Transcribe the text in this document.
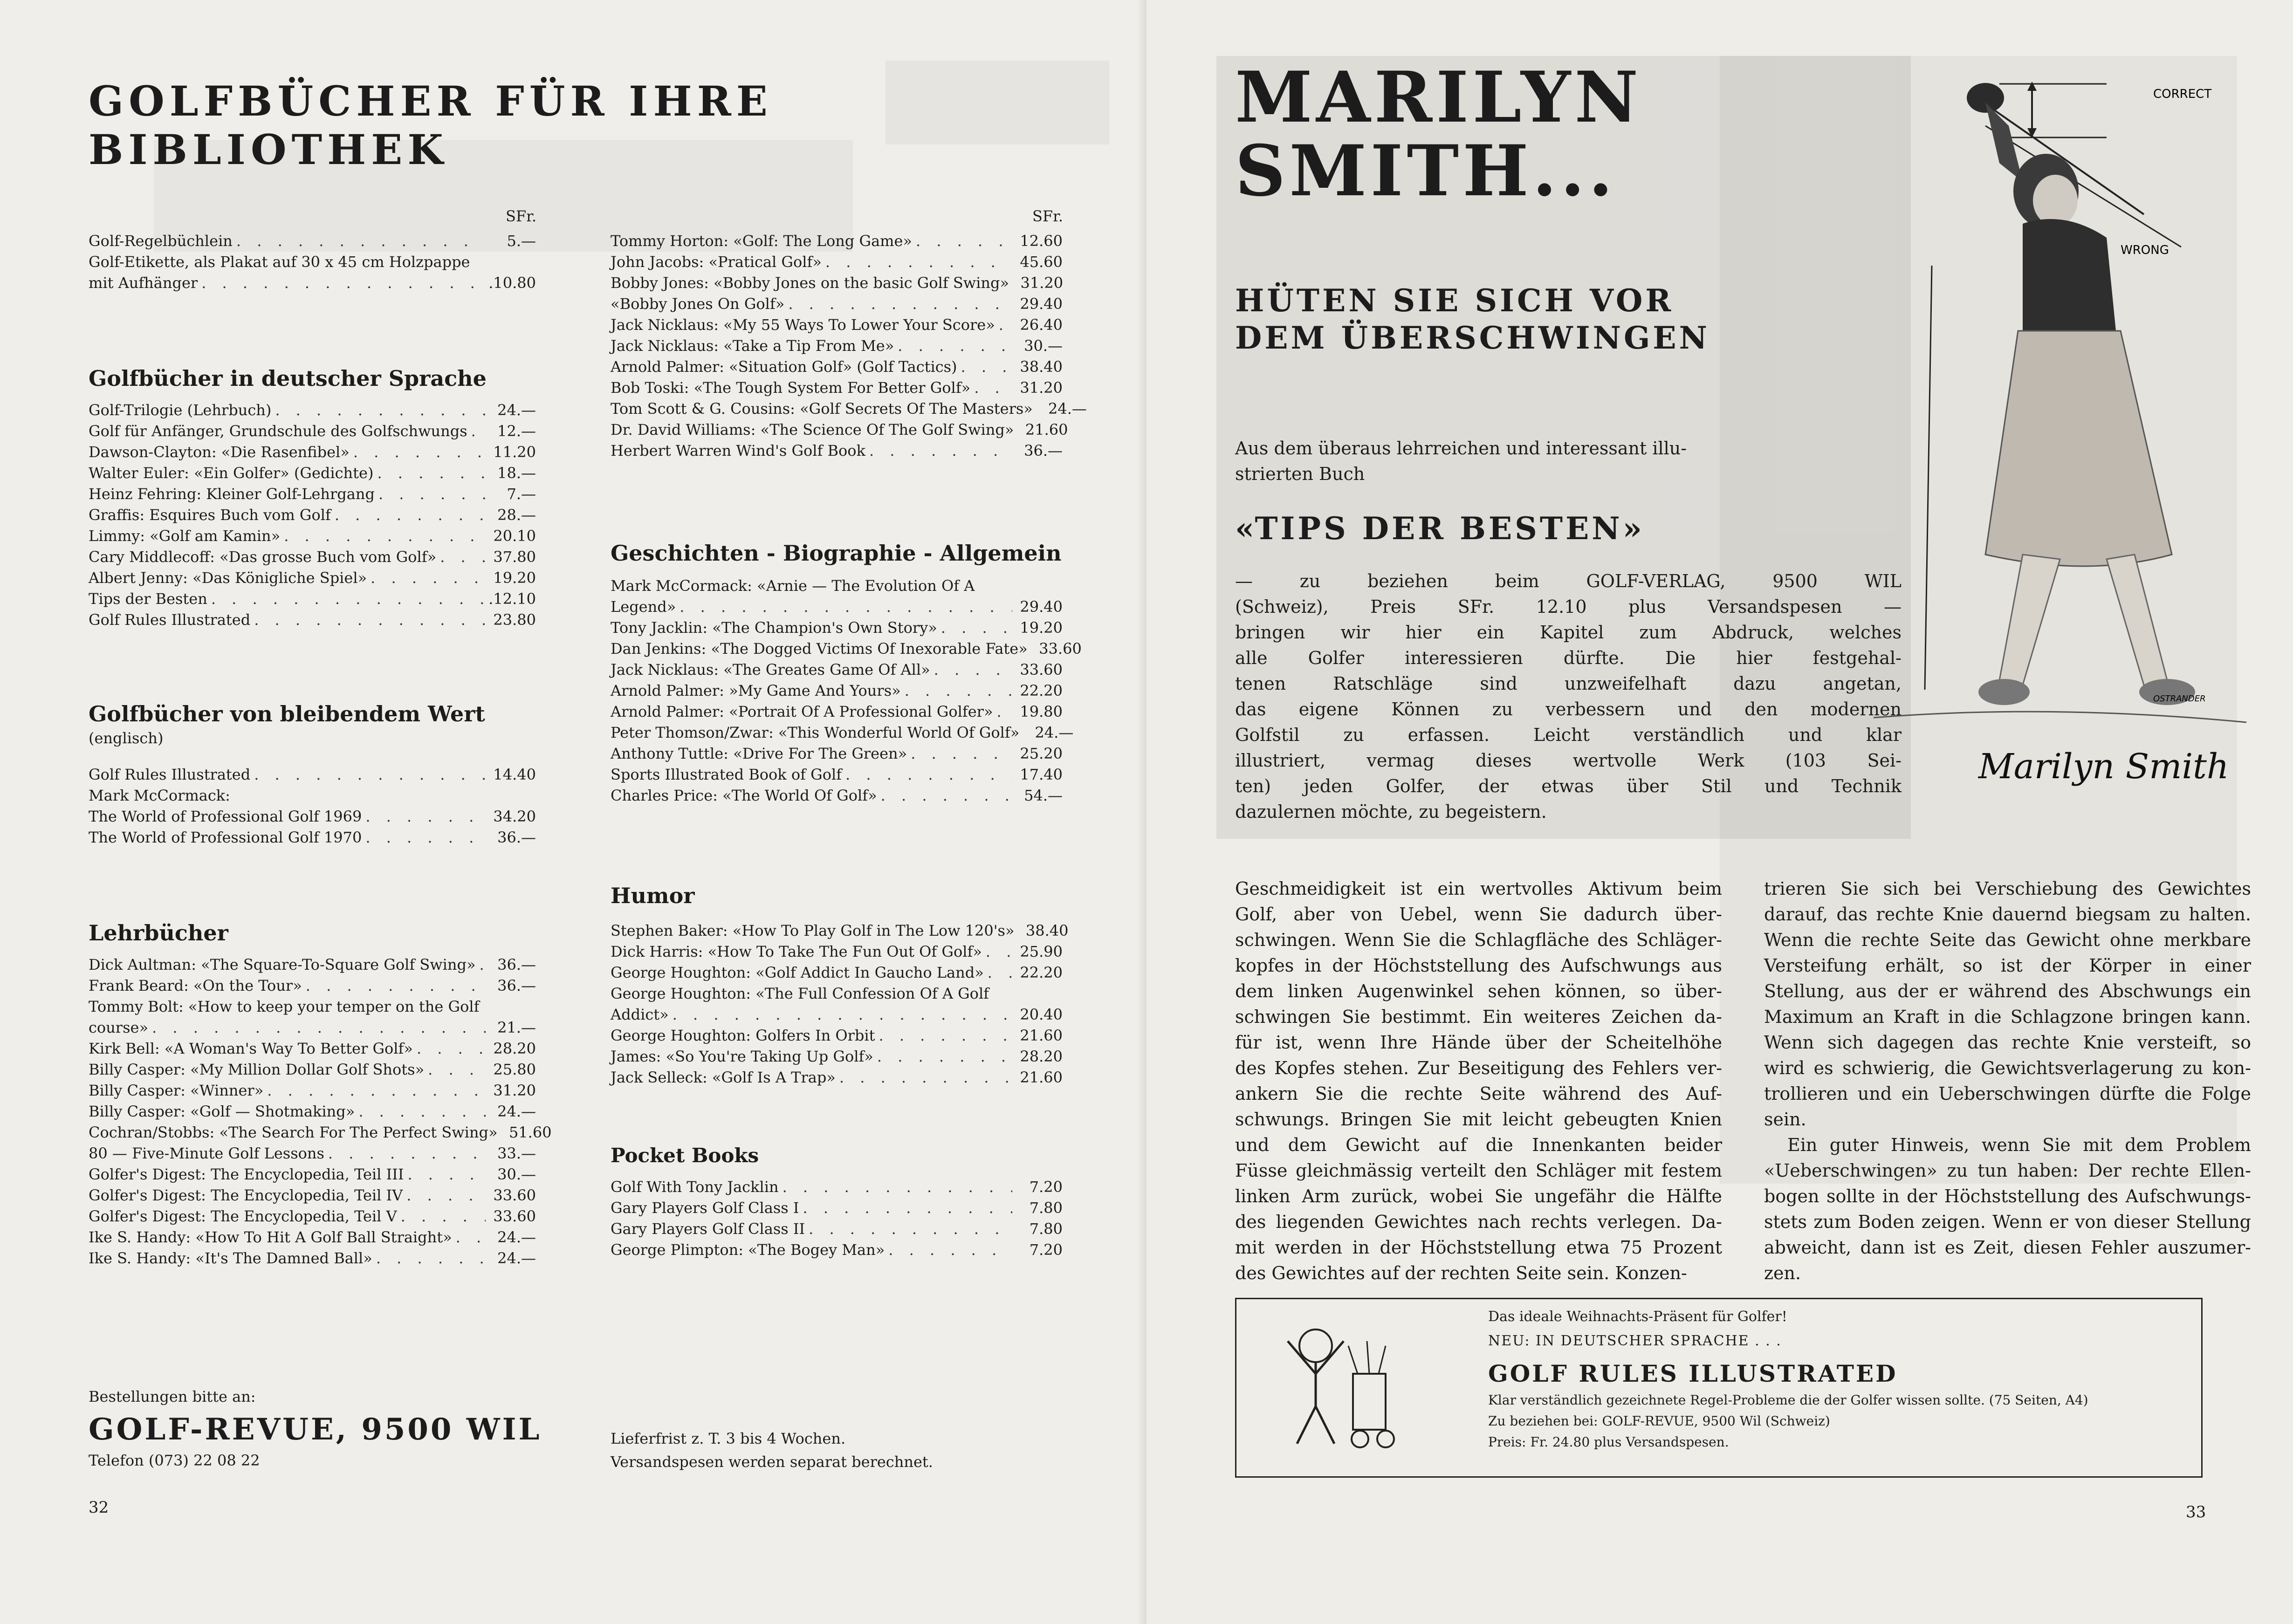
GOLFBÜCHER FÜR IHRE BIBLIOTHEK
SFr.
Golf-Regelbüchlein . . .	5.—
Golf-Etikette, als Plakat auf 30 x 45 cm Holzpappe
mit Aufhänger . . .	.10.80
Golfbücher in deutscher Sprache
Golf-Trilogie (Lehrbuch) . . .	24.—
Golf für Anfänger, Grundschule des Golfschwungs . . .	12.—
Dawson-Clayton: «Die Rasenfibel» . . .	11.20
Walter Euler: «Ein Golfer» (Gedichte) . . .	18.—
Heinz Fehring: Kleiner Golf-Lehrgang . . .	7.—
Graffis: Esquires Buch vom Golf . . .	28.—
Limmy: «Golf am Kamin» . . .	20.10
Cary Middlecoff: «Das grosse Buch vom Golf» . . .	37.80
Albert Jenny: «Das Königliche Spiel» . . .	19.20
Tips der Besten . . .	.12.10
Golf Rules Illustrated . . .	23.80
Golfbücher von bleibendem Wert
(englisch)
Golf Rules Illustrated . . .	14.40
Mark McCormack:
The World of Professional Golf 1969 . . .	34.20
The World of Professional Golf 1970 . . .	36.—
Lehrbücher
Dick Aultman: «The Square-To-Square Golf Swing» . . .	36.—
Frank Beard: «On the Tour» . . .	36.—
Tommy Bolt: «How to keep your temper on the Golf
course» . . .	21.—
Kirk Bell: «A Woman's Way To Better Golf» . . .	28.20
Billy Casper: «My Million Dollar Golf Shots» . . .	25.80
Billy Casper: «Winner» . . .	31.20
Billy Casper: «Golf — Shotmaking» . . .	24.—
Cochran/Stobbs: «The Search For The Perfect Swing» 51.60
80 — Five-Minute Golf Lessons . . .	33.—
Golfer's Digest: The Encyclopedia, Teil III . . .	30.—
Golfer's Digest: The Encyclopedia, Teil IV . . .	33.60
Golfer's Digest: The Encyclopedia, Teil V . . .	33.60
Ike S. Handy: «How To Hit A Golf Ball Straight» . . .	24.—
Ike S. Handy: «It's The Damned Ball» . . .	24.—
SFr.
Tommy Horton: «Golf: The Long Game» . . .	12.60
John Jacobs: «Pratical Golf» . . .	45.60
Bobby Jones: «Bobby Jones on the basic Golf Swing» 31.20
«Bobby Jones On Golf» . . .	29.40
Jack Nicklaus: «My 55 Ways To Lower Your Score» . . . 26.40
Jack Nicklaus: «Take a Tip From Me» . . .	30.—
Arnold Palmer: «Situation Golf» (Golf Tactics) . . .	38.40
Bob Toski: «The Tough System For Better Golf» . . .	31.20
Tom Scott & G. Cousins: «Golf Secrets Of The Masters»	24.—
Dr. David Williams: «The Science Of The Golf Swing» 21.60
Herbert Warren Wind's Golf Book . . .	36.—
Geschichten - Biographie - Allgemein
Mark McCormack: «Arnie — The Evolution Of A
Legend» . . .	29.40
Tony Jacklin: «The Champion's Own Story» . . .	19.20
Dan Jenkins: «The Dogged Victims Of Inexorable Fate» 33.60
Jack Nicklaus: «The Greates Game Of All» . . .	33.60
Arnold Palmer: »My Game And Yours» . . .	22.20
Arnold Palmer: «Portrait Of A Professional Golfer» . . . 19.80
Peter Thomson/Zwar: «This Wonderful World Of Golf»	24.—
Anthony Tuttle: «Drive For The Green» . . .	25.20
Sports Illustrated Book of Golf . . .	17.40
Charles Price: «The World Of Golf» . . .	54.—
Humor
Stephen Baker: «How To Play Golf in The Low 120's» 38.40
Dick Harris: «How To Take The Fun Out Of Golf» . . .	25.90
George Houghton: «Golf Addict In Gaucho Land» . . . 22.20
George Houghton: «The Full Confession Of A Golf
Addict» . . .	20.40
George Houghton: Golfers In Orbit . . .	21.60
James: «So You're Taking Up Golf» . . .	28.20
Jack Selleck: «Golf Is A Trap» . . .	21.60
Pocket Books
Golf With Tony Jacklin . . .	7.20
Gary Players Golf Class I . . .	7.80
Gary Players Golf Class II . . .	7.80
George Plimpton: «The Bogey Man» . . .	7.20
Bestellungen bitte an:
GOLF-REVUE, 9500 WIL
Telefon (073) 22 08 22
Lieferfrist z. T. 3 bis 4 Wochen.
Versandspesen werden separat berechnet.
32
MARILYN
SMITH...
HÜTEN SIE SICH VOR
DEM ÜBERSCHWINGEN
Aus dem überaus lehrreichen und interessant illu-
strierten Buch
«TIPS DER BESTEN»
— zu beziehen beim GOLF-VERLAG, 9500 WIL
(Schweiz), Preis SFr. 12.10 plus Versandspesen —
bringen wir hier ein Kapitel zum Abdruck, welches
alle Golfer interessieren dürfte. Die hier festgehal-
tenen Ratschläge sind unzweifelhaft dazu angetan,
das eigene Können zu verbessern und den modernen
Golfstil zu erfassen. Leicht verständlich und klar
illustriert, vermag dieses wertvolle Werk (103 Sei-
ten) jeden Golfer, der etwas über Stil und Technik
dazulernen möchte, zu begeistern.
CORRECT
WRONG
OSTRANDER
Marilyn Smith
Geschmeidigkeit ist ein wertvolles Aktivum beim
Golf, aber von Uebel, wenn Sie dadurch über-
schwingen. Wenn Sie die Schlagfläche des Schläger-
kopfes in der Höchststellung des Aufschwungs aus
dem linken Augenwinkel sehen können, so über-
schwingen Sie bestimmt. Ein weiteres Zeichen da-
für ist, wenn Ihre Hände über der Scheitelhöhe
des Kopfes stehen. Zur Beseitigung des Fehlers ver-
ankern Sie die rechte Seite während des Auf-
schwungs. Bringen Sie mit leicht gebeugten Knien
und dem Gewicht auf die Innenkanten beider
Füsse gleichmässig verteilt den Schläger mit festem
linken Arm zurück, wobei Sie ungefähr die Hälfte
des liegenden Gewichtes nach rechts verlegen. Da-
mit werden in der Höchststellung etwa 75 Prozent
des Gewichtes auf der rechten Seite sein. Konzen-
trieren Sie sich bei Verschiebung des Gewichtes
darauf, das rechte Knie dauernd biegsam zu halten.
Wenn die rechte Seite das Gewicht ohne merkbare
Versteifung erhält, so ist der Körper in einer
Stellung, aus der er während des Abschwungs ein
Maximum an Kraft in die Schlagzone bringen kann.
Wenn sich dagegen das rechte Knie versteift, so
wird es schwierig, die Gewichtsverlagerung zu kon-
trollieren und ein Ueberschwingen dürfte die Folge
sein.
Ein guter Hinweis, wenn Sie mit dem Problem
«Ueberschwingen» zu tun haben: Der rechte Ellen-
bogen sollte in der Höchststellung des Aufschwungs-
stets zum Boden zeigen. Wenn er von dieser Stellung
abweicht, dann ist es Zeit, diesen Fehler auszumer-
zen.
Das ideale Weihnachts-Präsent für Golfer!
NEU: IN DEUTSCHER SPRACHE . . .
GOLF RULES ILLUSTRATED
Klar verständlich gezeichnete Regel-Probleme die der Golfer wissen sollte. (75 Seiten, A4)
Zu beziehen bei: GOLF-REVUE, 9500 Wil (Schweiz)
Preis: Fr. 24.80 plus Versandspesen.
33
